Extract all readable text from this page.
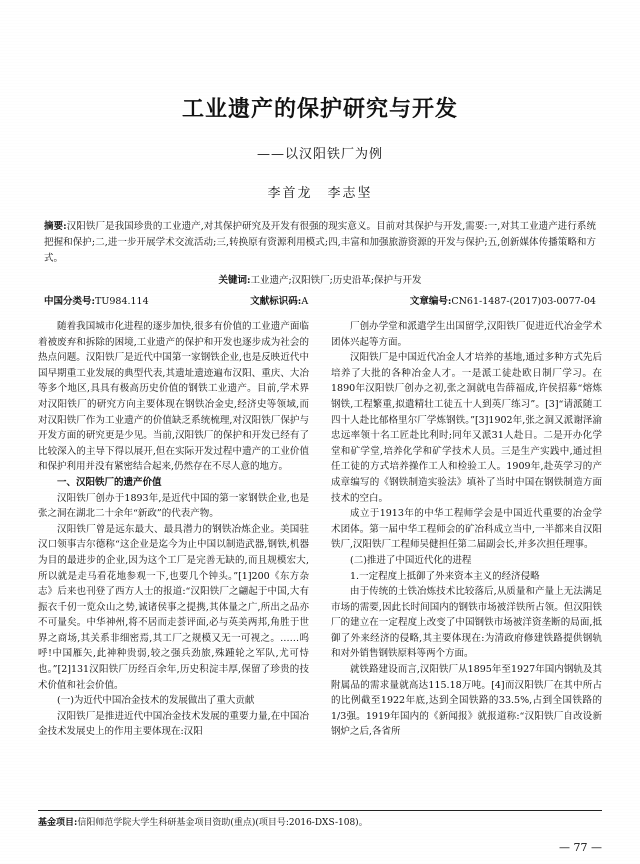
工业遗产的保护研究与开发
——以汉阳铁厂为例
李首龙　李志坚
摘要:汉阳铁厂是我国珍贵的工业遗产,对其保护研究及开发有很强的现实意义。目前对其保护与开发,需要:一,对其工业遗产进行系统把握和保护;二,进一步开展学术交流活动;三,转换原有资源利用模式;四,丰富和加强旅游资源的开发与保护;五,创新媒体传播策略和方式。
关键词:工业遗产;汉阳铁厂;历史沿革;保护与开发
中国分类号:TU984.114	文献标识码:A	文章编号:CN61-1487-(2017)03-0077-04

随着我国城市化进程的逐步加快,很多有价值的工业遗产面临着被废弃和拆除的困境,工业遗产的保护和开发也逐步成为社会的热点问题。汉阳铁厂是近代中国第一家钢铁企业,也是反映近代中国早期重工业发展的典型代表,其遗址遗迹遍布汉阳、重庆、大冶等多个地区,具具有极高历史价值的钢铁工业遗产。目前,学术界对汉阳铁厂的研究方向主要体现在钢铁冶金史,经济史等领域,而对汉阳铁厂作为工业遗产的价值缺乏系统梳理,对汉阳铁厂保护与开发方面的研究更是少见。当前,汉阳铁厂的保护和开发已经有了比较深入的主导下得以展开,但在实际开发过程中遗产的工业价值和保护利用并没有紧密结合起来,仍然存在不尽人意的地方。

一、汉阳铁厂的遗产价值

汉阳铁厂创办于1893年,是近代中国的第一家钢铁企业,也是张之洞在湖北二十余年“新政”的代表产物。

汉阳铁厂曾是远东最大、最具潜力的钢铁冶炼企业。美国驻汉口领事吉尔德称“这企业是迄今为止中国以制造武器,钢铁,机器为目的最进步的企业,因为这个工厂是完善无缺的,而且规模宏大,所以就是走马看花地参观一下,也要几个钟头。”[1]200《东方杂志》后来也刊登了西方人士的报道:“汉阳铁厂之翩起于中国,大有振衣千仞一览众山之势,诚诸侯事之提携,其体量之广,所出之品亦不可量矣。中华神州,将不居而走荟评面,必与英美两邦,角胜于世界之商场,其关系非细密焉,其工厂之规模又无一可视之。……呜呼!中国雁矢,此神种贵弱,较之强兵劲旅,殊踵轮之军队,尤可恃也。”[2]131汉阳铁厂历经百余年,历史积淀丰厚,保留了珍贵的技术价值和社会价值。

(一)为近代中国冶金技术的发展做出了重大贡献

汉阳铁厂是推进近代中国冶金技术发展的重要力量,在中国冶金技术发展史上的作用主要体现在:汉阳

厂创办学堂和派遣学生出国留学,汉阳铁厂促进近代冶金学术团体兴起等方面。

汉阳铁厂是中国近代冶金人才培养的基地,通过多种方式先后培养了大批的各种冶金人才。一是派工徒赴欧日制厂学习。在1890年汉阳铁厂创办之初,张之洞就电告薛福成,许侯招募“熔炼钢铁,工程繁重,拟遣精壮工徒五十人到英厂练习”。[3]“请派随工四十人赴比郁格里尔厂学炼钢铁。”[3]1902年,张之洞又派谢泽渝忠远率领十名工匠赴比利时;同年又派31人赴日。二是开办化学堂和矿学堂,培养化学和矿学技术人员。三是生产实践中,通过担任工徒的方式培养操作工人和检验工人。1909年,赴英学习的产成章编写的《钢铁制造实验法》填补了当时中国在钢铁制造方面技术的空白。

成立于1913年的中华工程师学会是中国近代重要的冶金学术团体。第一届中华工程师会的矿冶科成立当中,一半都来自汉阳铁厂,汉阳铁厂工程师吴健担任第二届副会长,并多次担任理事。

(二)推进了中国近代化的进程

1.一定程度上抵御了外来资本主义的经济侵略

由于传统的土铁冶炼技术比较落后,从质量和产量上无法满足市场的需要,因此长时间国内的钢铁市场被洋铁所占领。但汉阳铁厂的建立在一定程度上改变了中国钢铁市场被洋资垄断的局面,抵御了外来经济的侵略,其主要体现在:为清政府修建铁路提供钢轨和对外销售钢铁原料等两个方面。

就铁路建设而言,汉阳铁厂从1895年至1927年国内钢轨及其附属品的需求量就高达115.18万吨。[4]而汉阳铁厂在其中所占的比例截至1922年底,达到全国铁路的33.5%,占到全国铁路的1/3强。1919年国内的《新闻报》就报道称:“汉阳铁厂自改设新钢炉之后,各省所

基金项目:信阳师范学院大学生科研基金项目资助(重点)(项目号:2016-DXS-108)。
— 77 —
